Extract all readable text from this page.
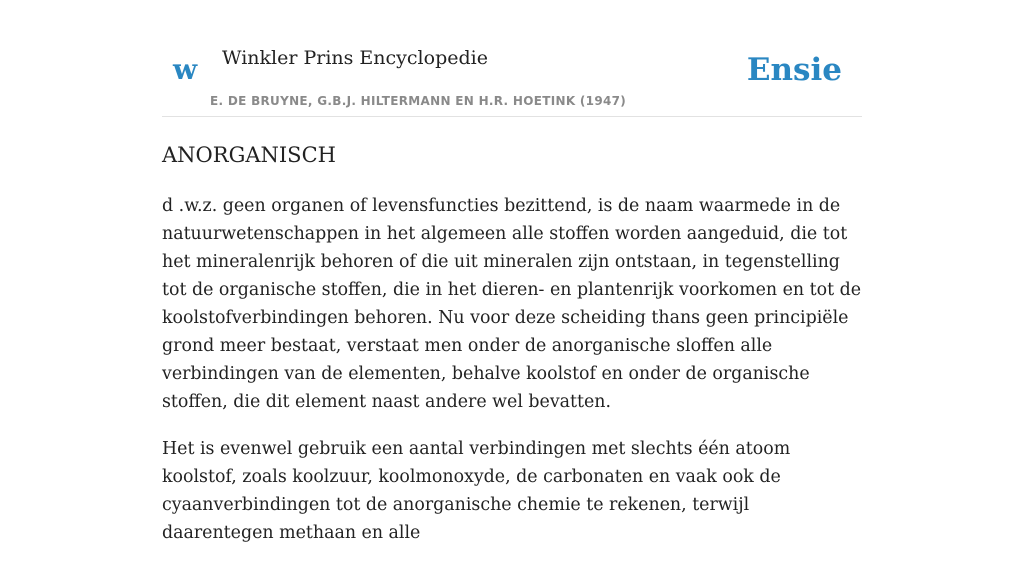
w Winkler Prins Encyclopedie
E. DE BRUYNE, G.B.J. HILTERMANN EN H.R. HOETINK (1947)
Ensie
ANORGANISCH

d .w.z. geen organen of levensfuncties bezittend, is de naam waarmede in de natuurwetenschappen in het algemeen alle stoffen worden aangeduid, die tot het mineralenrijk behoren of die uit mineralen zijn ontstaan, in tegenstelling tot de organische stoffen, die in het dieren- en plantenrijk voorkomen en tot de koolstofverbindingen behoren. Nu voor deze scheiding thans geen principiële grond meer bestaat, verstaat men onder de anorganische sloffen alle verbindingen van de elementen, behalve koolstof en onder de organische stoffen, die dit element naast andere wel bevatten.

Het is evenwel gebruik een aantal verbindingen met slechts één atoom koolstof, zoals koolzuur, koolmonoxyde, de carbonaten en vaak ook de cyaanverbindingen tot de anorganische chemie te rekenen, terwijl daarentegen methaan en alle
